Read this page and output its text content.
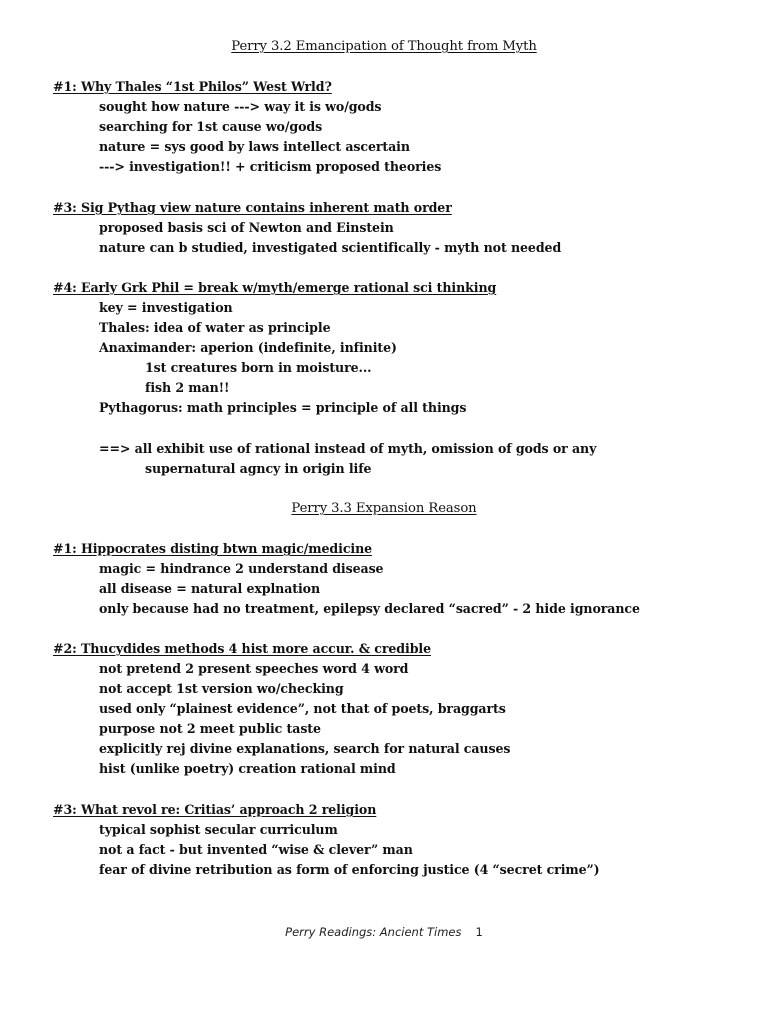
Perry 3.2 Emancipation of Thought from Myth
#1: Why Thales “1st Philos” West Wrld?
sought how nature ---> way it is wo/gods
searching for 1st cause wo/gods
nature = sys good by laws intellect ascertain
---> investigation!! + criticism proposed theories
#3: Sig Pythag view nature contains inherent math order
proposed basis sci of Newton and Einstein
nature can b studied, investigated scientifically - myth not needed
#4: Early Grk Phil = break w/myth/emerge rational sci thinking
key = investigation
Thales: idea of water as principle
Anaximander: aperion (indefinite, infinite)
1st creatures born in moisture...
fish 2 man!!
Pythagorus: math principles = principle of all things
==> all exhibit use of rational instead of myth, omission of gods or any
supernatural agncy in origin life
Perry 3.3 Expansion Reason
#1: Hippocrates disting btwn magic/medicine
magic = hindrance 2 understand disease
all disease = natural explnation
only because had no treatment, epilepsy declared “sacred” - 2 hide ignorance
#2: Thucydides methods 4 hist more accur. & credible
not pretend 2 present speeches word 4 word
not accept 1st version wo/checking
used only “plainest evidence”, not that of poets, braggarts
purpose not 2 meet public taste
explicitly rej divine explanations, search for natural causes
hist (unlike poetry) creation rational mind
#3: What revol re: Critias’ approach 2 religion
typical sophist secular curriculum
not a fact - but invented “wise & clever” man
fear of divine retribution as form of enforcing justice (4 “secret crime”)
Perry Readings: Ancient Times 1
